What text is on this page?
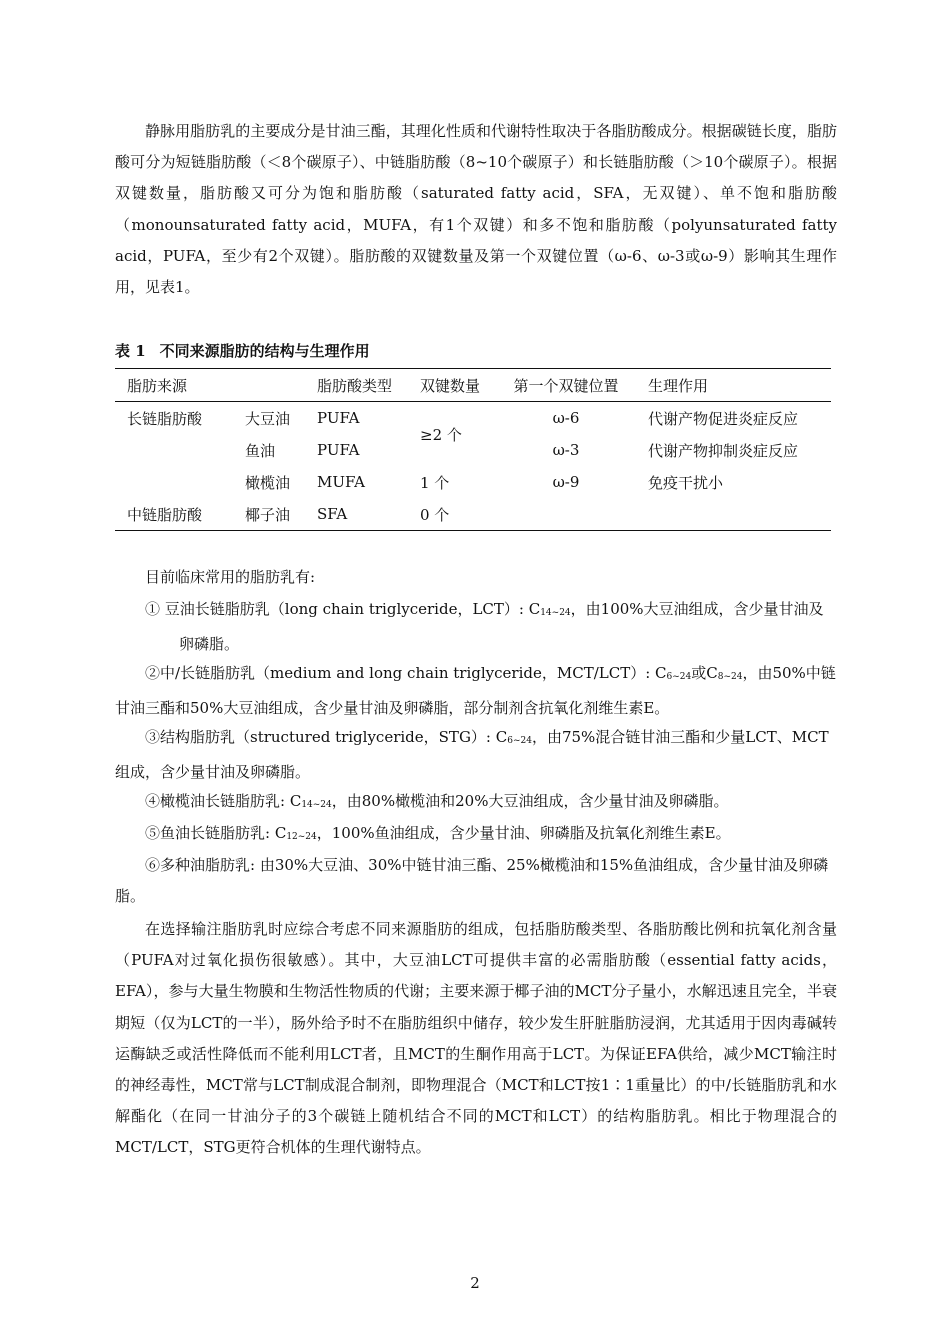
静脉用脂肪乳的主要成分是甘油三酯，其理化性质和代谢特性取决于各脂肪酸成分。根据碳链长度，脂肪酸可分为短链脂肪酸（＜8个碳原子）、中链脂肪酸（8~10个碳原子）和长链脂肪酸（＞10个碳原子）。根据双键数量，脂肪酸又可分为饱和脂肪酸（saturated fatty acid，SFA，无双键）、单不饱和脂肪酸（monounsaturated fatty acid，MUFA，有1个双键）和多不饱和脂肪酸（polyunsaturated fatty acid，PUFA，至少有2个双键）。脂肪酸的双键数量及第一个双键位置（ω-6、ω-3或ω-9）影响其生理作用，见表1。
表 1 不同来源脂肪的结构与生理作用
脂肪来源		脂肪酸类型	双键数量	第一个双键位置	生理作用
长链脂肪酸	大豆油	PUFA	≥2 个	ω-6	代谢产物促进炎症反应
	鱼油	PUFA		ω-3	代谢产物抑制炎症反应
	橄榄油	MUFA	1 个	ω-9	免疫干扰小
中链脂肪酸	椰子油	SFA	0 个		
目前临床常用的脂肪乳有:
① 豆油长链脂肪乳（long chain triglyceride，LCT）: $C_{14\sim 24}$，由100%大豆油组成，含少量甘油及
卵磷脂。
②中/长链脂肪乳（medium and long chain triglyceride，MCT/LCT）: $C_{6\sim 24}$或$C_{8\sim 24}$，由50%中链甘油三酯和50%大豆油组成，含少量甘油及卵磷脂，部分制剂含抗氧化剂维生素E。
③结构脂肪乳（structured triglyceride，STG）: $C_{6\sim 24}$，由75%混合链甘油三酯和少量LCT、MCT组成，含少量甘油及卵磷脂。
④橄榄油长链脂肪乳: $C_{14\sim 24}$，由80%橄榄油和20%大豆油组成，含少量甘油及卵磷脂。
⑤鱼油长链脂肪乳: $C_{12\sim 24}$，100%鱼油组成，含少量甘油、卵磷脂及抗氧化剂维生素E。
⑥多种油脂肪乳: 由30%大豆油、30%中链甘油三酯、25%橄榄油和15%鱼油组成，含少量甘油及卵磷脂。
在选择输注脂肪乳时应综合考虑不同来源脂肪的组成，包括脂肪酸类型、各脂肪酸比例和抗氧化剂含量（PUFA对过氧化损伤很敏感）。其中，大豆油LCT可提供丰富的必需脂肪酸（essential fatty acids，EFA），参与大量生物膜和生物活性物质的代谢；主要来源于椰子油的MCT分子量小，水解迅速且完全，半衰期短（仅为LCT的一半），肠外给予时不在脂肪组织中储存，较少发生肝脏脂肪浸润，尤其适用于因肉毒碱转运酶缺乏或活性降低而不能利用LCT者，且MCT的生酮作用高于LCT。为保证EFA供给，减少MCT输注时的神经毒性，MCT常与LCT制成混合制剂，即物理混合（MCT和LCT按1∶1重量比）的中/长链脂肪乳和水解酯化（在同一甘油分子的3个碳链上随机结合不同的MCT和LCT）的结构脂肪乳。相比于物理混合的MCT/LCT，STG更符合机体的生理代谢特点。
2
